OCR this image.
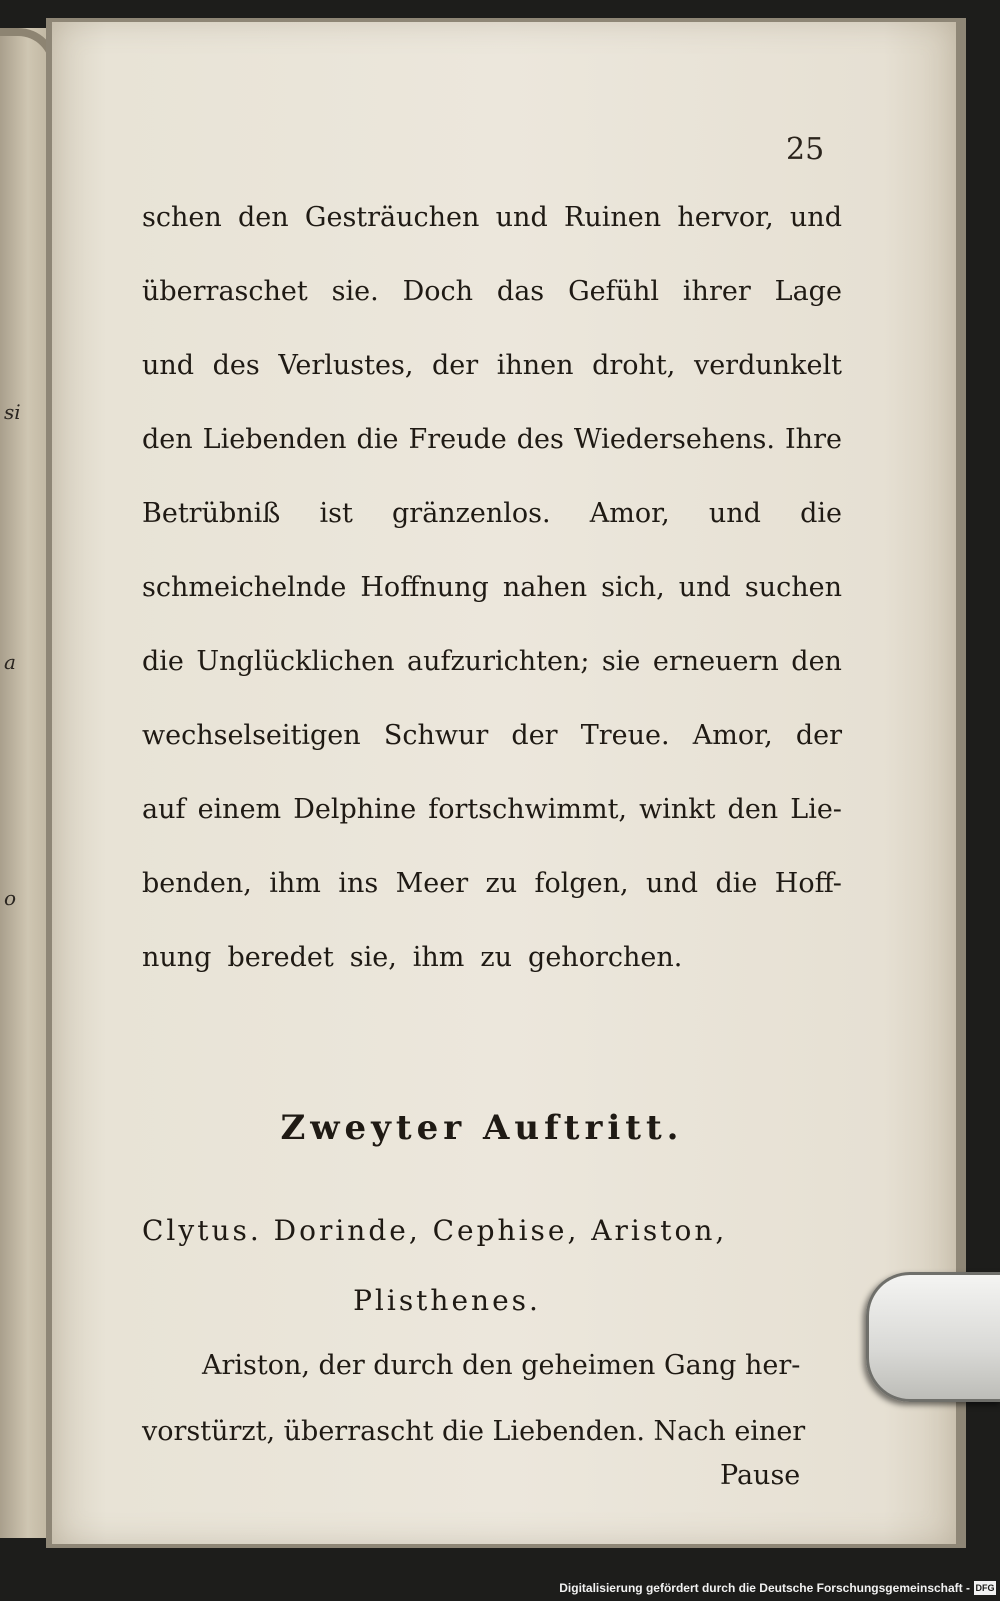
si
a
o
25
schen den Gesträuchen und Ruinen hervor, und
überraschet sie. Doch das Gefühl ihrer Lage
und des Verlustes, der ihnen droht, verdunkelt
den Liebenden die Freude des Wiedersehens. Ihre
Betrübniß ist gränzenlos. Amor, und die
schmeichelnde Hoffnung nahen sich, und suchen
die Unglücklichen aufzurichten; sie erneuern den
wechselseitigen Schwur der Treue. Amor, der
auf einem Delphine fortschwimmt, winkt den Lie-
benden, ihm ins Meer zu folgen, und die Hoff-
nung beredet sie, ihm zu gehorchen.
Zweyter Auftritt.
Clytus. Dorinde, Cephise, Ariston,
Plisthenes.
Ariston, der durch den geheimen Gang her-
vorstürzt, überrascht die Liebenden. Nach einer
Pause
Digitalisierung gefördert durch die Deutsche Forschungsgemeinschaft - DFG
